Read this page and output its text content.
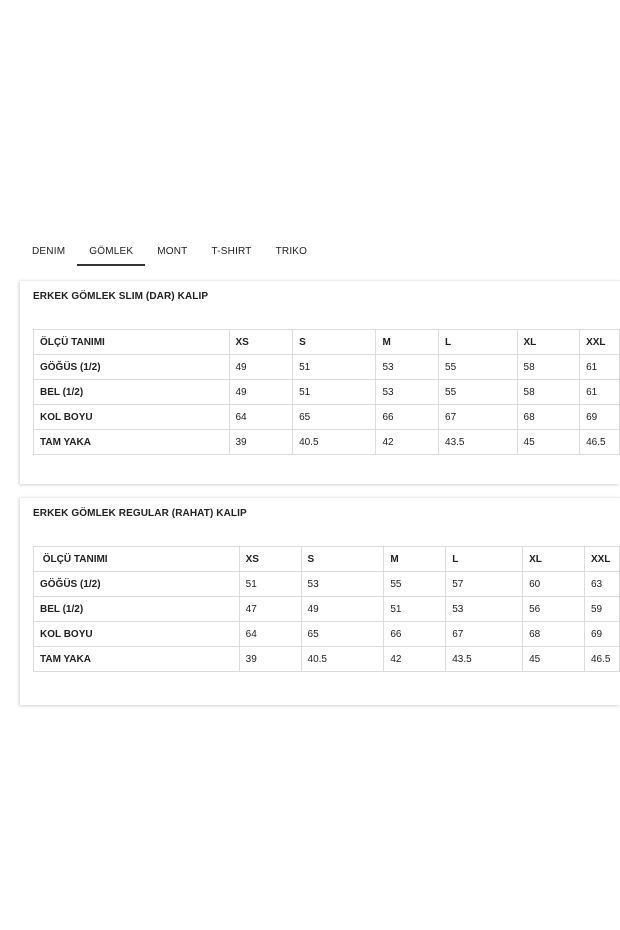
DENIM	GÖMLEK	MONT	T-SHIRT	TRIKO
ERKEK GÖMLEK SLIM (DAR) KALIP
ÖLÇÜ TANIMI	XS	S	M	L	XL	XXL
GÖĞÜS (1/2)	49	51	53	55	58	61
BEL (1/2)	49	51	53	55	58	61
KOL BOYU	64	65	66	67	68	69
TAM YAKA	39	40.5	42	43.5	45	46.5
ERKEK GÖMLEK REGULAR (RAHAT) KALIP
ÖLÇÜ TANIMI	XS	S	M	L	XL	XXL
GÖĞÜS (1/2)	51	53	55	57	60	63
BEL (1/2)	47	49	51	53	56	59
KOL BOYU	64	65	66	67	68	69
TAM YAKA	39	40.5	42	43.5	45	46.5
